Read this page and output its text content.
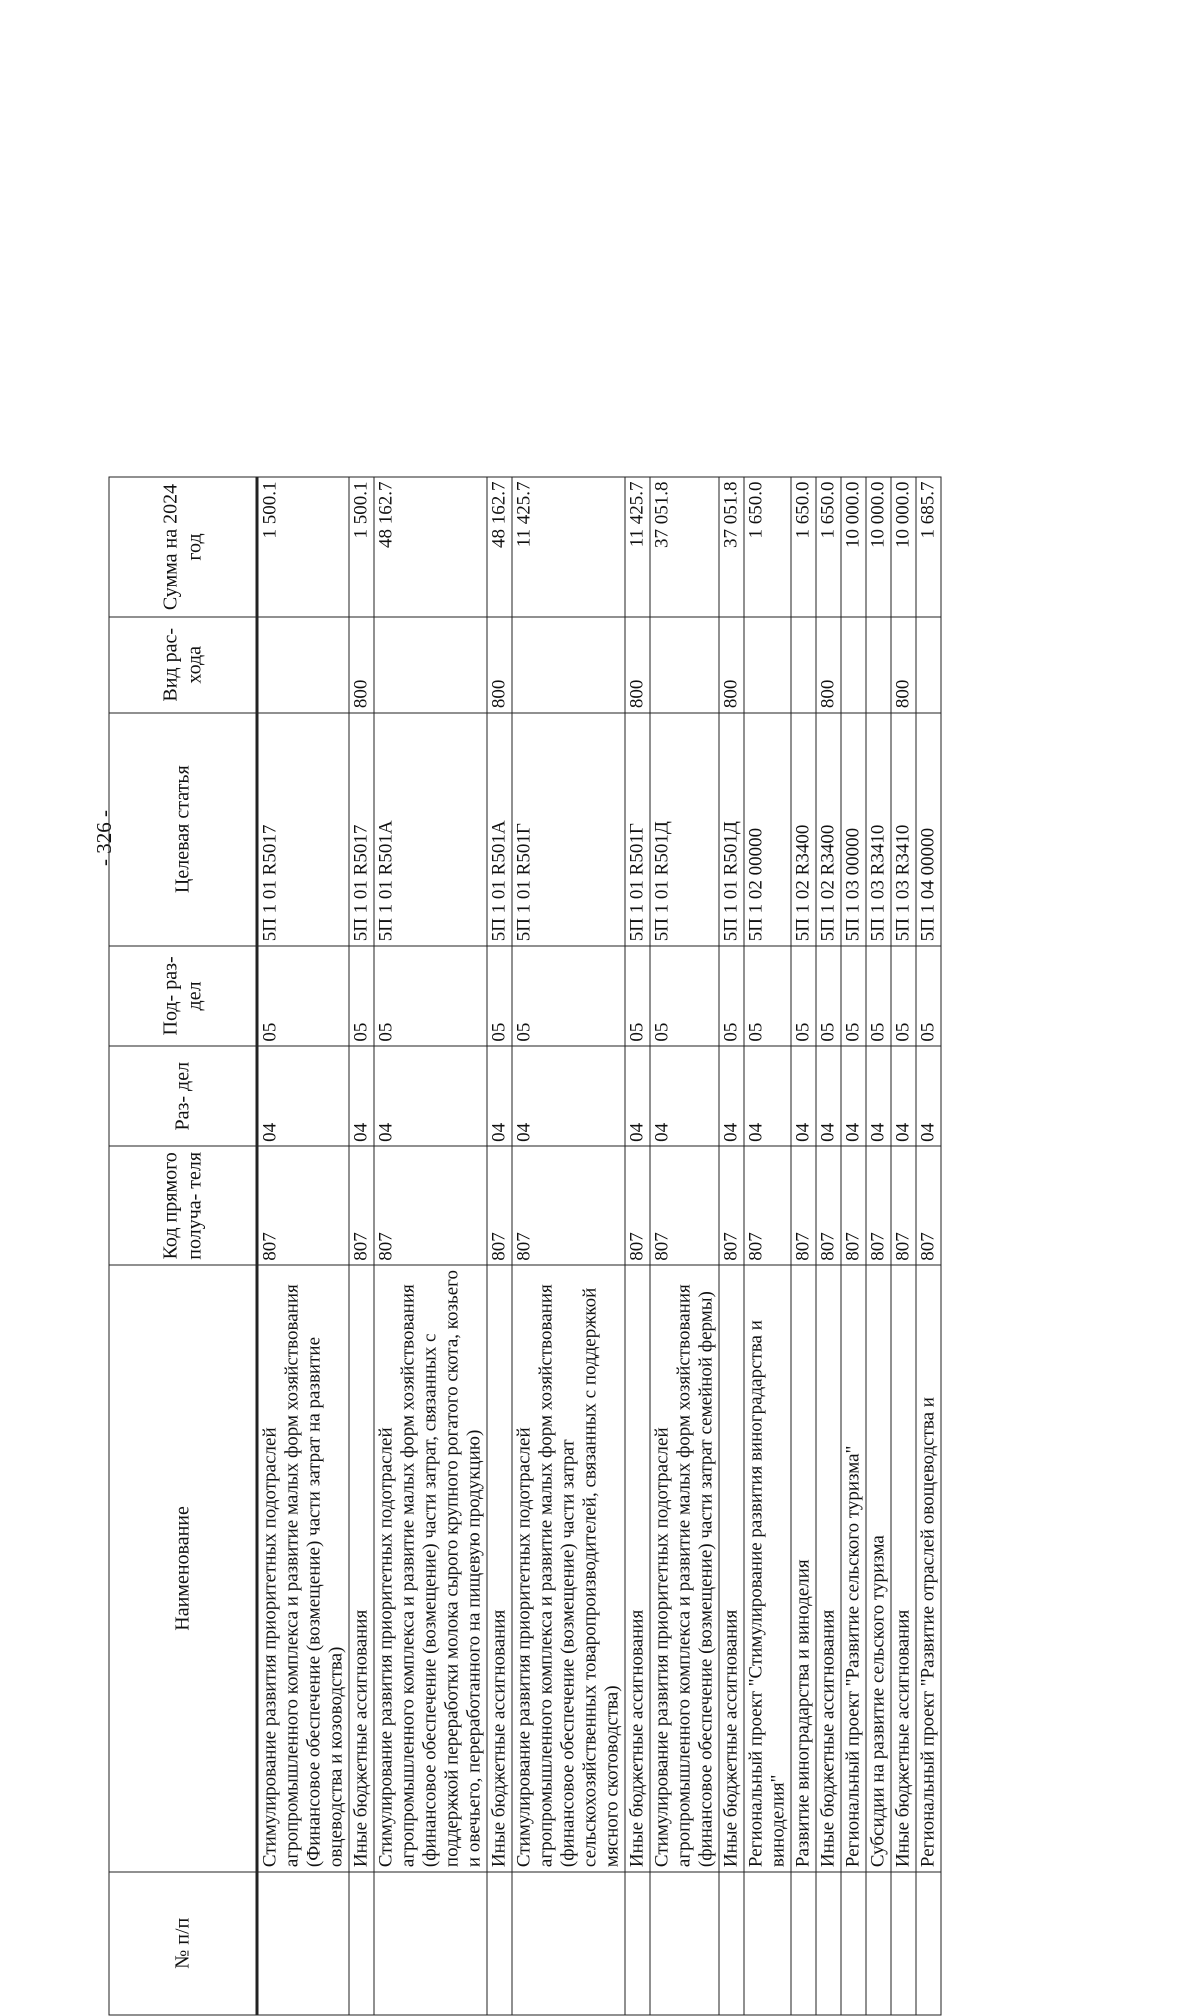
- 326 -
№ п/п	Наименование	Код прямого получа- теля	Раз- дел	Под- раз- дел	Целевая статья	Вид рас- хода	Сумма на 2024 год
	Стимулирование развития приоритетных подотраслей агропромышленного комплекса и развитие малых форм хозяйствования (Финансовое обеспечение (возмещение) части затрат на развитие овцеводства и козоводства)	807	04	05	5П 1 01 R5017		1 500.1
	Иные бюджетные ассигнования	807	04	05	5П 1 01 R5017	800	1 500.1
	Стимулирование развития приоритетных подотраслей агропромышленного комплекса и развитие малых форм хозяйствования (финансовое обеспечение (возмещение) части затрат, связанных с поддержкой переработки молока сырого крупного рогатого скота, козьего и овечьего, переработанного на пищевую продукцию)	807	04	05	5П 1 01 R501А		48 162.7
	Иные бюджетные ассигнования	807	04	05	5П 1 01 R501А	800	48 162.7
	Стимулирование развития приоритетных подотраслей агропромышленного комплекса и развитие малых форм хозяйствования (финансовое обеспечение (возмещение) части затрат сельскохозяйственных товаропроизводителей, связанных с поддержкой мясного скотоводства)	807	04	05	5П 1 01 R501Г		11 425.7
	Иные бюджетные ассигнования	807	04	05	5П 1 01 R501Г	800	11 425.7
	Стимулирование развития приоритетных подотраслей агропромышленного комплекса и развитие малых форм хозяйствования (финансовое обеспечение (возмещение) части затрат семейной фермы)	807	04	05	5П 1 01 R501Д		37 051.8
	Иные бюджетные ассигнования	807	04	05	5П 1 01 R501Д	800	37 051.8
	Региональный проект "Стимулирование развития виноградарства и виноделия"	807	04	05	5П 1 02 00000		1 650.0
	Развитие виноградарства и виноделия	807	04	05	5П 1 02 R3400		1 650.0
	Иные бюджетные ассигнования	807	04	05	5П 1 02 R3400	800	1 650.0
	Региональный проект "Развитие сельского туризма"	807	04	05	5П 1 03 00000		10 000.0
	Субсидии на развитие сельского туризма	807	04	05	5П 1 03 R3410		10 000.0
	Иные бюджетные ассигнования	807	04	05	5П 1 03 R3410	800	10 000.0
	Региональный проект "Развитие отраслей овощеводства и	807	04	05	5П 1 04 00000		1 685.7
